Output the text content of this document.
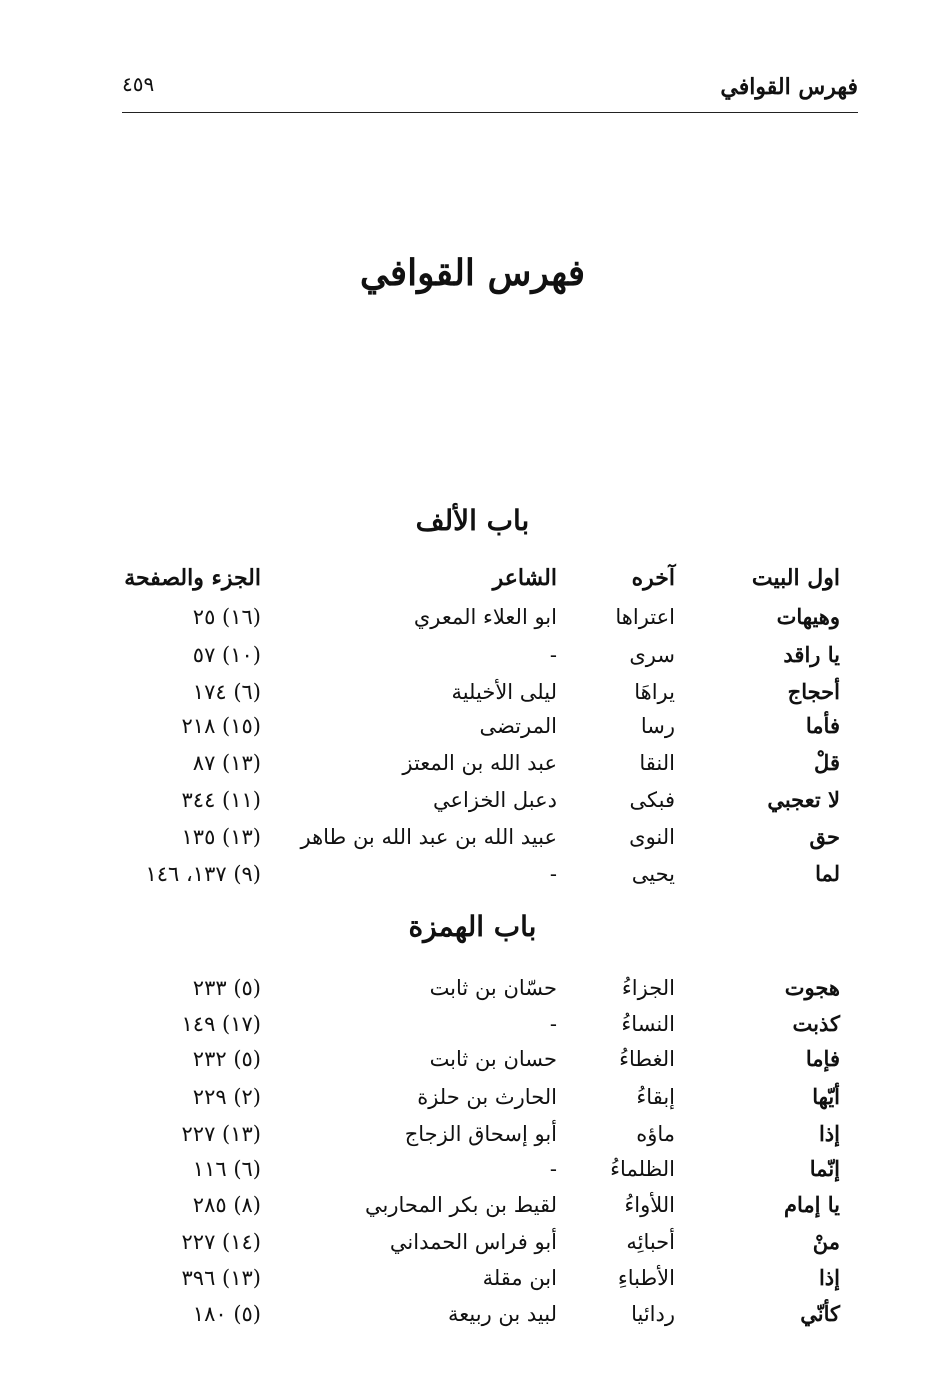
فهرس القوافي
٤٥٩
فهرس القوافي
باب الألف
اول البيت
آخره
الشاعر
الجزء والصفحة
وهيهات
اعتراها
ابو العلاء المعري
(١٦) ٢٥
يا راقد
سرى
-
(١٠) ٥٧
أحجاج
يراهَا
ليلى الأخيلية
(٦) ١٧٤
فأما
رسا
المرتضى
(١٥) ٢١٨
قلْ
النقا
عبد الله بن المعتز
(١٣) ٨٧
لا تعجبي
فبكى
دعبل الخزاعي
(١١) ٣٤٤
حق
النوى
عبيد الله بن عبد الله بن طاهر
(١٣) ١٣٥
لما
يحيى
-
(٩) ١٣٧، ١٤٦
باب الهمزة
هجوت
الجزاءُ
حسّان بن ثابت
(٥) ٢٣٣
كذبت
النساءُ
-
(١٧) ١٤٩
فإما
الغطاءُ
حسان بن ثابت
(٥) ٢٣٢
أيّها
إبقاءُ
الحارث بن حلزة
(٢) ٢٢٩
إذا
ماؤه
أبو إسحاق الزجاج
(١٣) ٢٢٧
إنّما
الظلماءُ
-
(٦) ١١٦
يا إمام
اللأواءُ
لقيط بن بكر المحاربي
(٨) ٢٨٥
منْ
أحبائِه
أبو فراس الحمداني
(١٤) ٢٢٧
إذا
الأطباءِ
ابن مقلة
(١٣) ٣٩٦
كأنّي
ردائيا
لبيد بن ربيعة
(٥) ١٨٠
